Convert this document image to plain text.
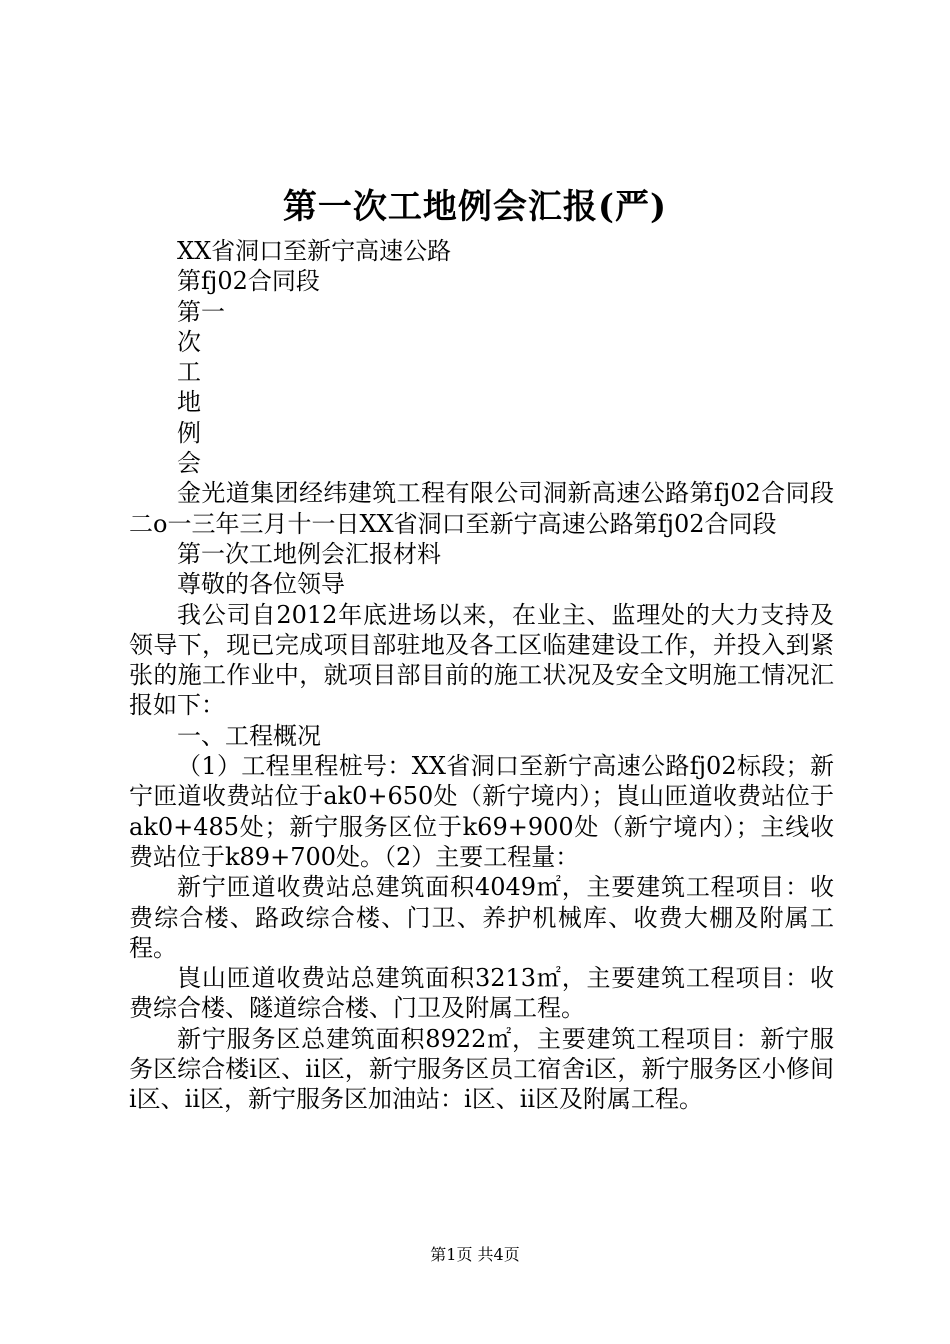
第一次工地例会汇报(严)

XX省洞口至新宁高速公路

第fj02合同段

第一

次

工

地

例

会

金光道集团经纬建筑工程有限公司洞新高速公路第fj02合同段二o一三年三月十一日XX省洞口至新宁高速公路第fj02合同段

第一次工地例会汇报材料

尊敬的各位领导

我公司自2012年底进场以来，在业主、监理处的大力支持及领导下，现已完成项目部驻地及各工区临建建设工作，并投入到紧张的施工作业中，就项目部目前的施工状况及安全文明施工情况汇报如下：

一、工程概况

（1）工程里程桩号：XX省洞口至新宁高速公路fj02标段；新宁匝道收费站位于ak0+650处（新宁境内）；崀山匝道收费站位于ak0+485处；新宁服务区位于k69+900处（新宁境内）；主线收费站位于k89+700处。（2）主要工程量：

新宁匝道收费站总建筑面积4049㎡，主要建筑工程项目：收费综合楼、路政综合楼、门卫、养护机械库、收费大棚及附属工程。

崀山匝道收费站总建筑面积3213㎡，主要建筑工程项目：收费综合楼、隧道综合楼、门卫及附属工程。

新宁服务区总建筑面积8922㎡，主要建筑工程项目：新宁服务区综合楼i区、ii区，新宁服务区员工宿舍i区，新宁服务区小修间i区、ii区，新宁服务区加油站：i区、ii区及附属工程。

第1页 共4页
